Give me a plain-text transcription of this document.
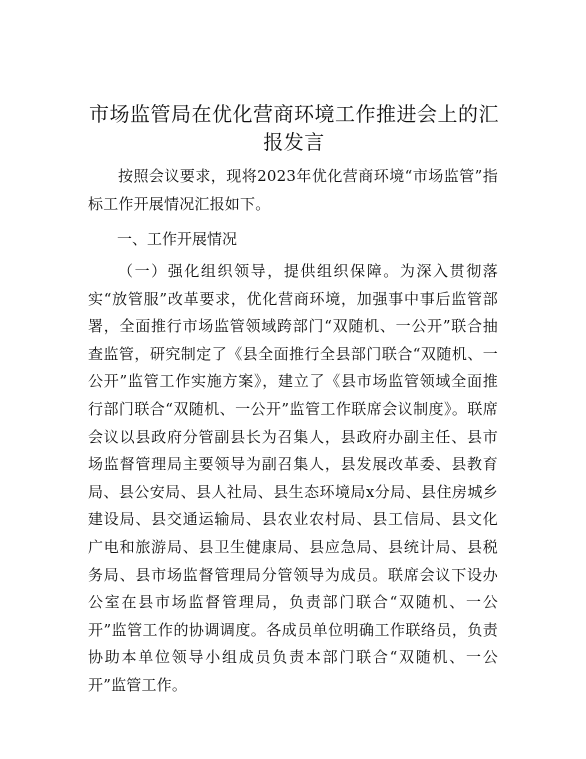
市场监管局在优化营商环境工作推进会上的汇报发言

按照会议要求，现将2023年优化营商环境“市场监管”指标工作开展情况汇报如下。

一、工作开展情况

（一）强化组织领导，提供组织保障。为深入贯彻落实“放管服”改革要求，优化营商环境，加强事中事后监管部署，全面推行市场监管领域跨部门“双随机、一公开”联合抽查监管，研究制定了《县全面推行全县部门联合“双随机、一公开”监管工作实施方案》，建立了《县市场监管领域全面推行部门联合“双随机、一公开”监管工作联席会议制度》。联席会议以县政府分管副县长为召集人，县政府办副主任、县市场监督管理局主要领导为副召集人，县发展改革委、县教育局、县公安局、县人社局、县生态环境局x分局、县住房城乡建设局、县交通运输局、县农业农村局、县工信局、县文化广电和旅游局、县卫生健康局、县应急局、县统计局、县税务局、县市场监督管理局分管领导为成员。联席会议下设办公室在县市场监督管理局，负责部门联合“双随机、一公开”监管工作的协调调度。各成员单位明确工作联络员，负责协助本单位领导小组成员负责本部门联合“双随机、一公开”监管工作。
